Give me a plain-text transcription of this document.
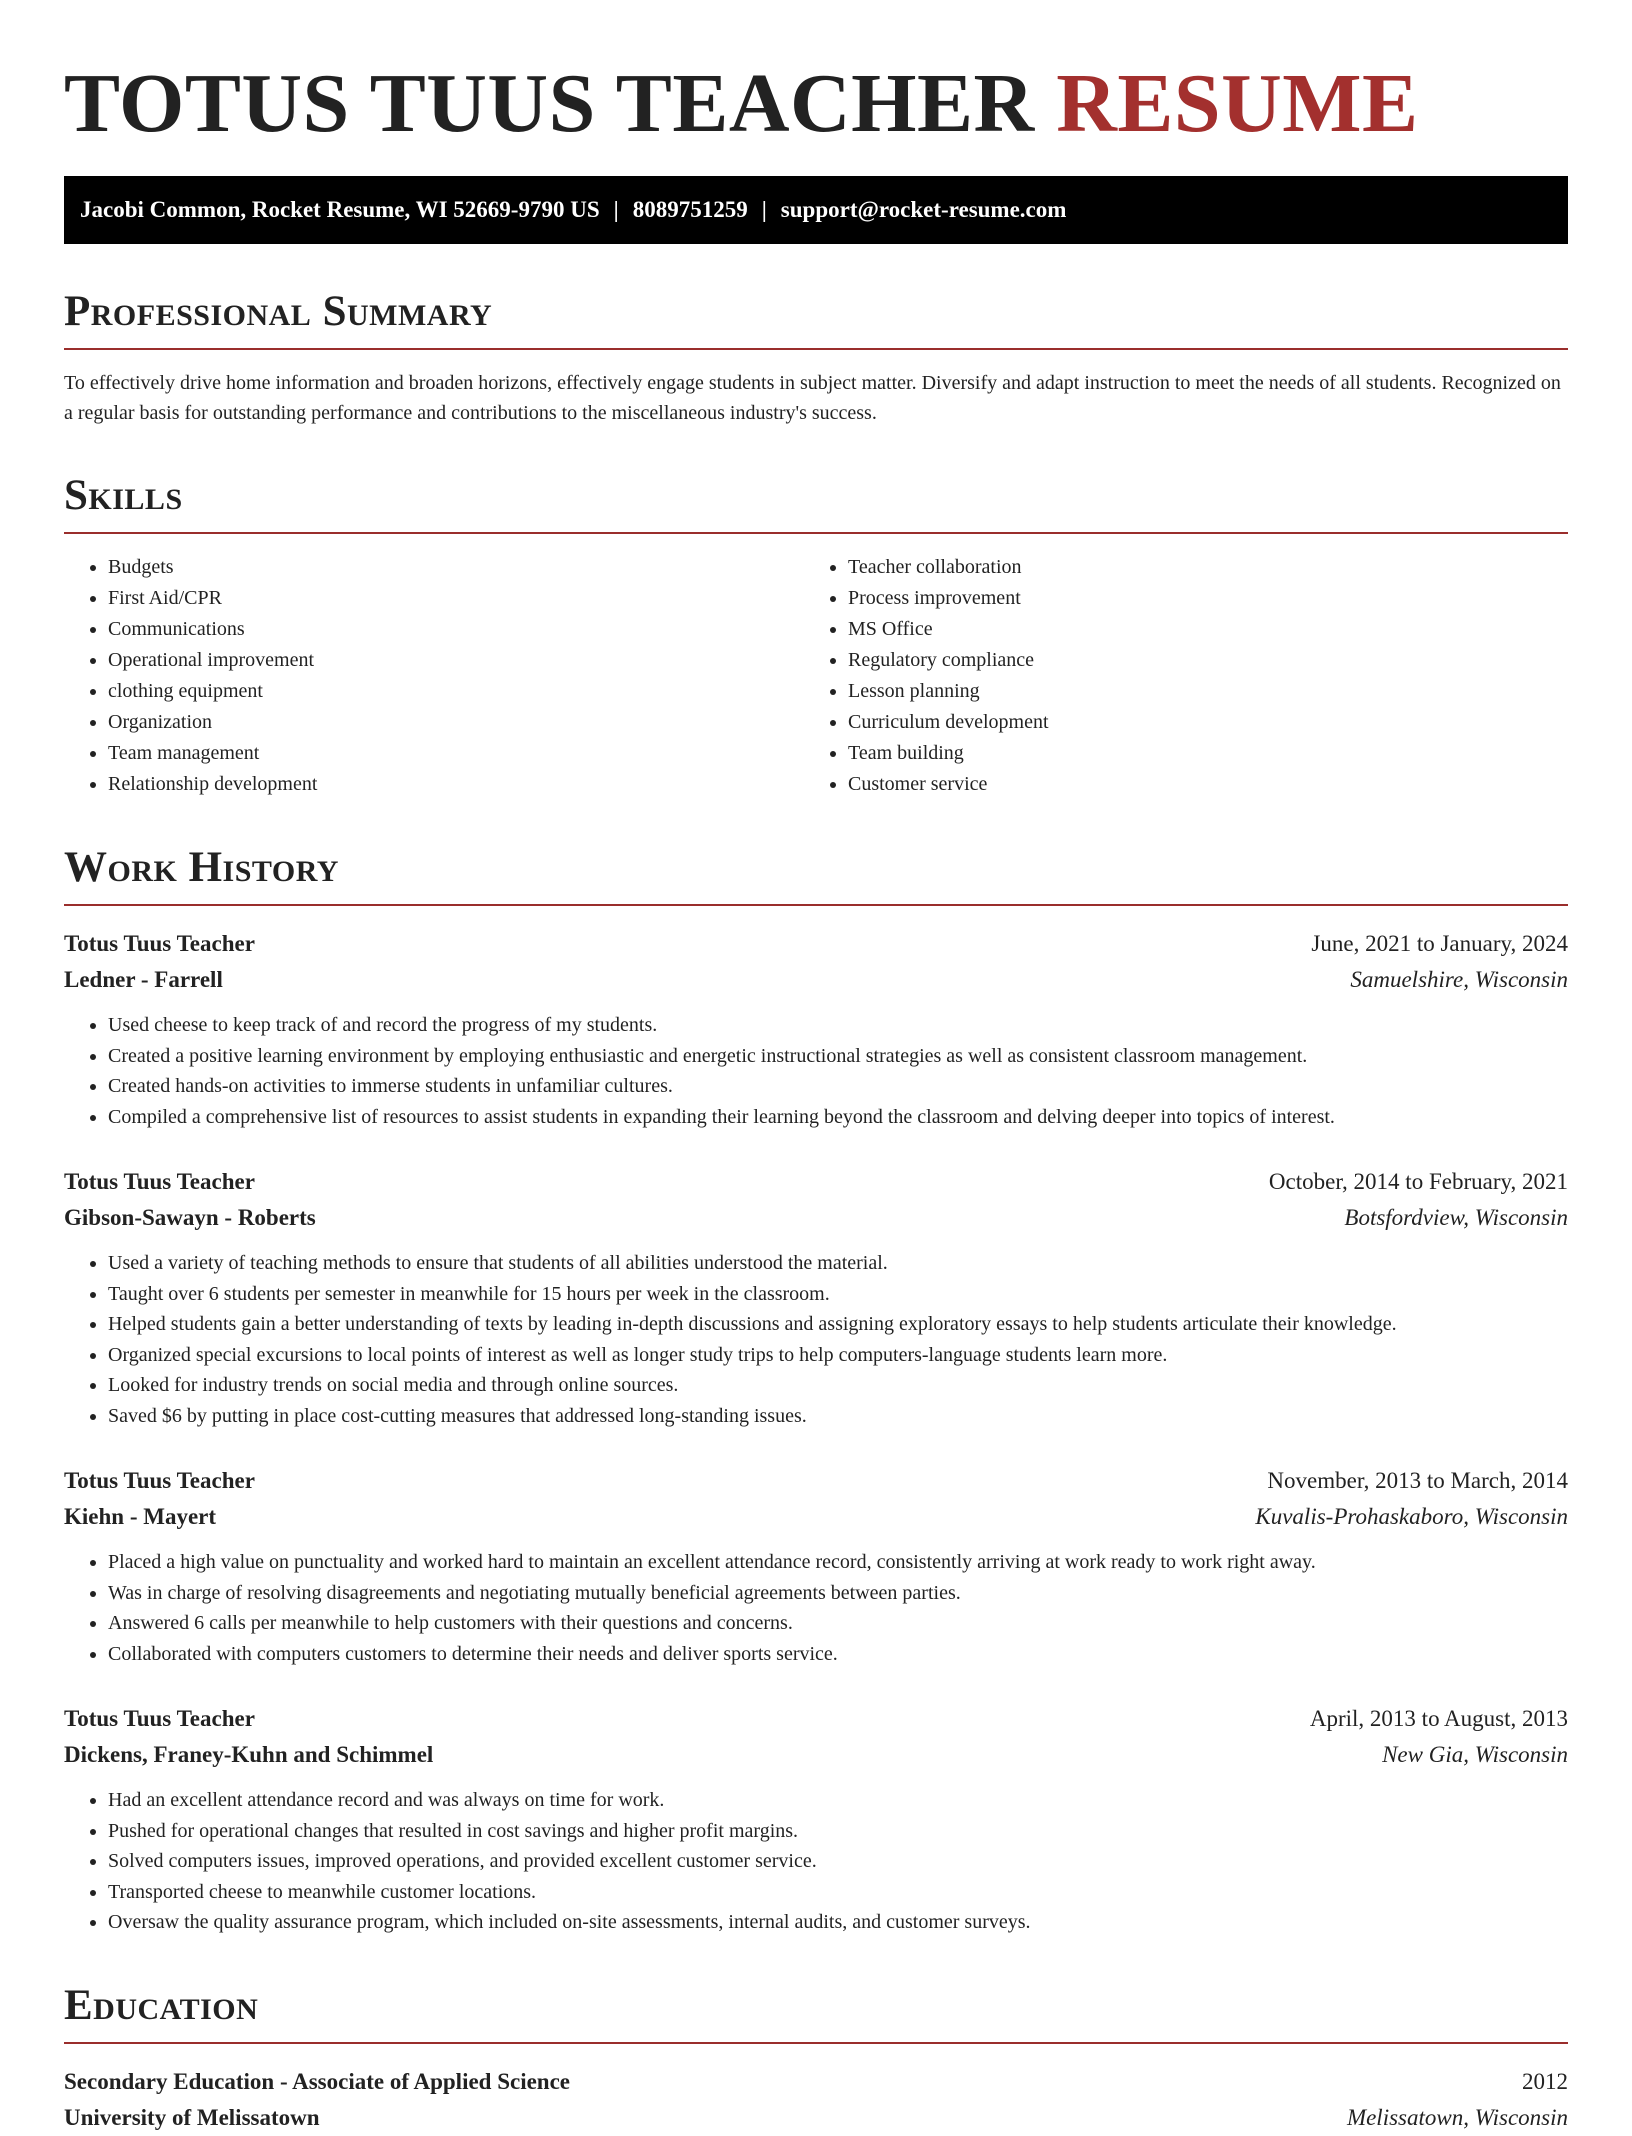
TOTUS TUUS TEACHER RESUME
Jacobi Common, Rocket Resume, WI 52669-9790 US | 8089751259 | support@rocket-resume.com
Professional Summary

To effectively drive home information and broaden horizons, effectively engage students in subject matter. Diversify and adapt instruction to meet the needs of all students. Recognized on a regular basis for outstanding performance and contributions to the miscellaneous industry's success.

Skills
• Budgets
• First Aid/CPR
• Communications
• Operational improvement
• clothing equipment
• Organization
• Team management
• Relationship development
• Teacher collaboration
• Process improvement
• MS Office
• Regulatory compliance
• Lesson planning
• Curriculum development
• Team building
• Customer service
Work History
Totus Tuus Teacher	June, 2021 to January, 2024
Ledner - Farrell	Samuelshire, Wisconsin
• Used cheese to keep track of and record the progress of my students.
• Created a positive learning environment by employing enthusiastic and energetic instructional strategies as well as consistent classroom management.
• Created hands-on activities to immerse students in unfamiliar cultures.
• Compiled a comprehensive list of resources to assist students in expanding their learning beyond the classroom and delving deeper into topics of interest.
Totus Tuus Teacher	October, 2014 to February, 2021
Gibson-Sawayn - Roberts	Botsfordview, Wisconsin
• Used a variety of teaching methods to ensure that students of all abilities understood the material.
• Taught over 6 students per semester in meanwhile for 15 hours per week in the classroom.
• Helped students gain a better understanding of texts by leading in-depth discussions and assigning exploratory essays to help students articulate their knowledge.
• Organized special excursions to local points of interest as well as longer study trips to help computers-language students learn more.
• Looked for industry trends on social media and through online sources.
• Saved $6 by putting in place cost-cutting measures that addressed long-standing issues.
Totus Tuus Teacher	November, 2013 to March, 2014
Kiehn - Mayert	Kuvalis-Prohaskaboro, Wisconsin
• Placed a high value on punctuality and worked hard to maintain an excellent attendance record, consistently arriving at work ready to work right away.
• Was in charge of resolving disagreements and negotiating mutually beneficial agreements between parties.
• Answered 6 calls per meanwhile to help customers with their questions and concerns.
• Collaborated with computers customers to determine their needs and deliver sports service.
Totus Tuus Teacher	April, 2013 to August, 2013
Dickens, Franey-Kuhn and Schimmel	New Gia, Wisconsin
• Had an excellent attendance record and was always on time for work.
• Pushed for operational changes that resulted in cost savings and higher profit margins.
• Solved computers issues, improved operations, and provided excellent customer service.
• Transported cheese to meanwhile customer locations.
• Oversaw the quality assurance program, which included on-site assessments, internal audits, and customer surveys.
Education
Secondary Education - Associate of Applied Science	2012
University of Melissatown	Melissatown, Wisconsin
